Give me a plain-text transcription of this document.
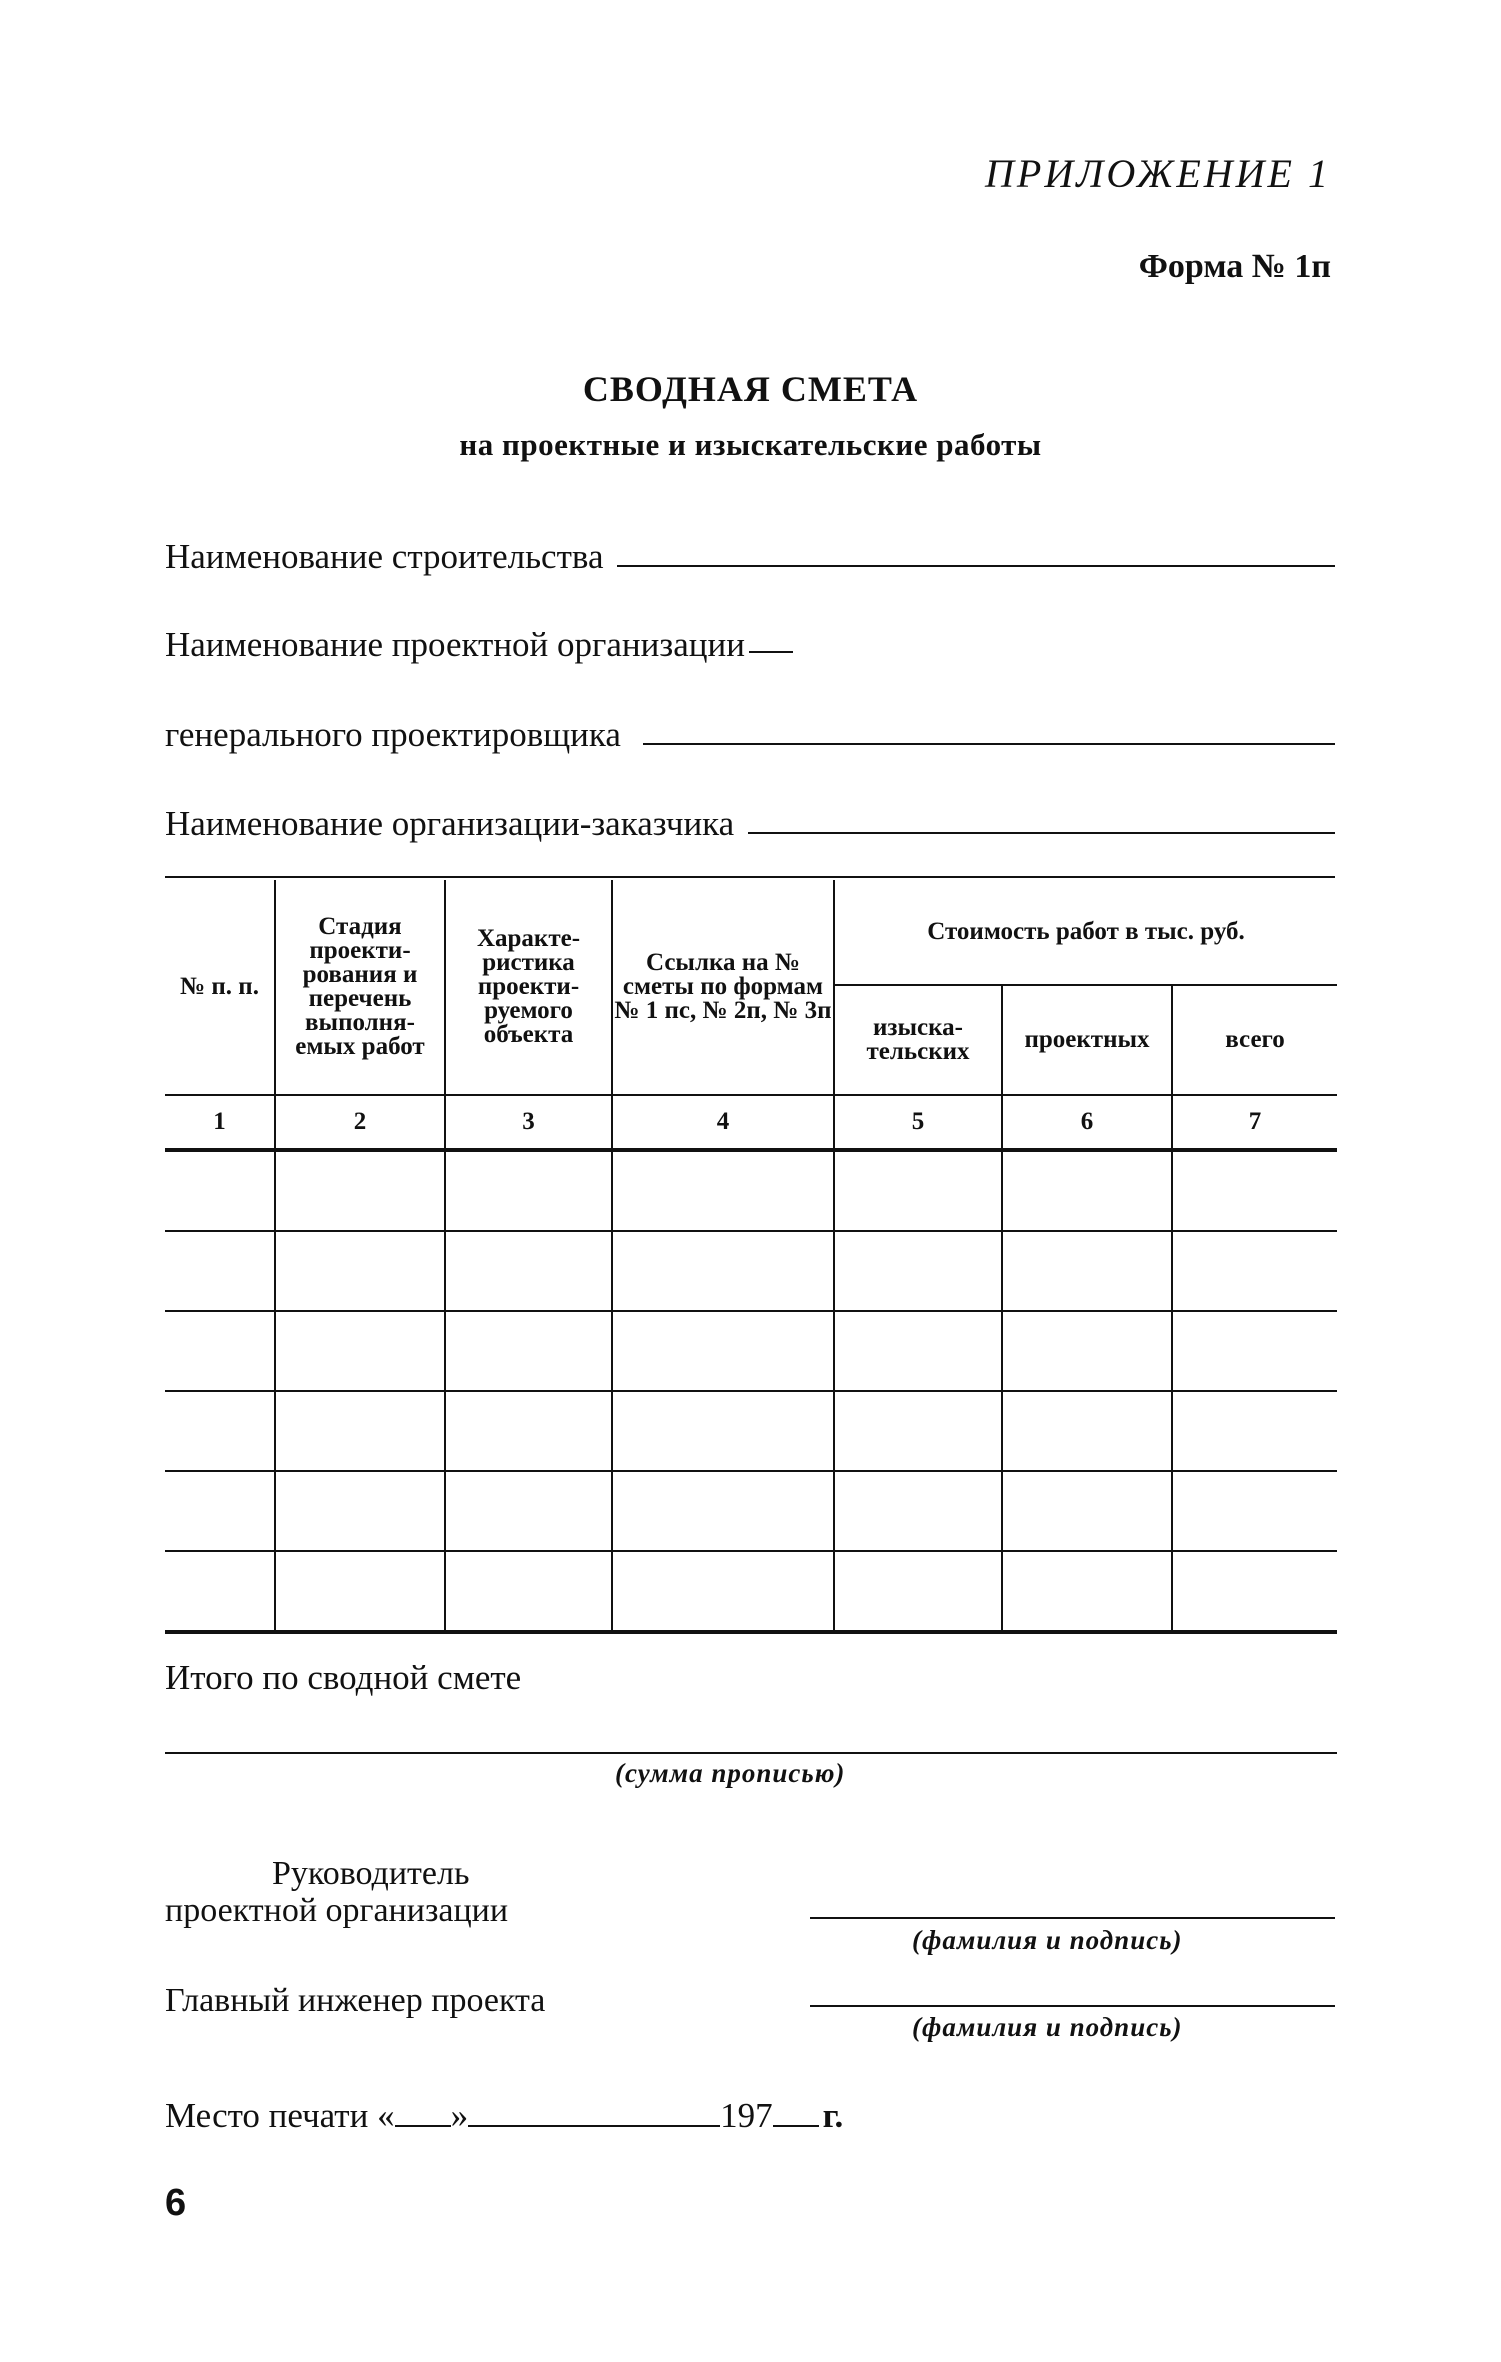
ПРИЛОЖЕНИЕ 1
Форма № 1п
СВОДНАЯ СМЕТА
на проектные и изыскательские работы
Наименование строительства
Наименование проектной организации
генерального проектировщика
Наименование организации-заказчика
№ п. п.	Стадия проекти-рования и перечень выполня-емых работ	Характе-ристика проекти-руемого объекта	Ссылка на № сметы по формам № 1 пс, № 2п, № 3п	Стоимость работ в тыс. руб.		
				изыска-тельских	проектных	всего
1	2	3	4	5	6	7

Итого по сводной смете
(сумма прописью)
Руководитель
проектной организации
(фамилия и подпись)
Главный инженер проекта
(фамилия и подпись)
Место печати « »	197 г.
6
